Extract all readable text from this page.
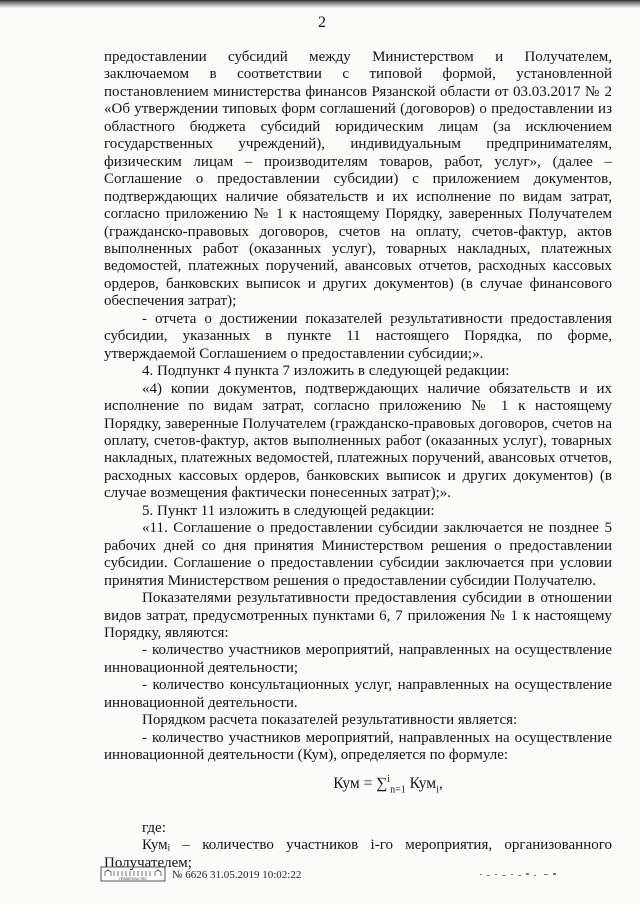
2

предоставлении субсидий между Министерством и Получателем, заключаемом в соответствии с типовой формой, установленной постановлением министерства финансов Рязанской области от 03.03.2017 № 2 «Об утверждении типовых форм соглашений (договоров) о предоставлении из областного бюджета субсидий юридическим лицам (за исключением государственных учреждений), индивидуальным предпринимателям, физическим лицам – производителям товаров, работ, услуг», (далее – Соглашение о предоставлении субсидии) с приложением документов, подтверждающих наличие обязательств и их исполнение по видам затрат, согласно приложению № 1 к настоящему Порядку, заверенных Получателем (гражданско-правовых договоров, счетов на оплату, счетов-фактур, актов выполненных работ (оказанных услуг), товарных накладных, платежных ведомостей, платежных поручений, авансовых отчетов, расходных кассовых ордеров, банковских выписок и других документов) (в случае финансового обеспечения затрат);

- отчета о достижении показателей результативности предоставления субсидии, указанных в пункте 11 настоящего Порядка, по форме, утверждаемой Соглашением о предоставлении субсидии;».

4. Подпункт 4 пункта 7 изложить в следующей редакции:

«4) копии документов, подтверждающих наличие обязательств и их исполнение по видам затрат, согласно приложению № 1 к настоящему Порядку, заверенные Получателем (гражданско-правовых договоров, счетов на оплату, счетов-фактур, актов выполненных работ (оказанных услуг), товарных накладных, платежных ведомостей, платежных поручений, авансовых отчетов, расходных кассовых ордеров, банковских выписок и других документов) (в случае возмещения фактически понесенных затрат);».

5. Пункт 11 изложить в следующей редакции:

«11. Соглашение о предоставлении субсидии заключается не позднее 5 рабочих дней со дня принятия Министерством решения о предоставлении субсидии. Соглашение о предоставлении субсидии заключается при условии принятия Министерством решения о предоставлении субсидии Получателю.

Показателями результативности предоставления субсидии в отношении видов затрат, предусмотренных пунктами 6, 7 приложения № 1 к настоящему Порядку, являются:

- количество участников мероприятий, направленных на осуществление инновационной деятельности;

- количество консультационных услуг, направленных на осуществление инновационной деятельности.

Порядком расчета показателей результативности является:

- количество участников мероприятий, направленных на осуществление инновационной деятельности (Кум), определяется по формуле:

Кум = ∑$^i_{n=1}$ Кум$_i$,

где:

Кумᵢ – количество участников i-го мероприятия, организованного Получателем;

ПРАВИТЕЛЬСТВО № 6626 31.05.2019 10:02:22
